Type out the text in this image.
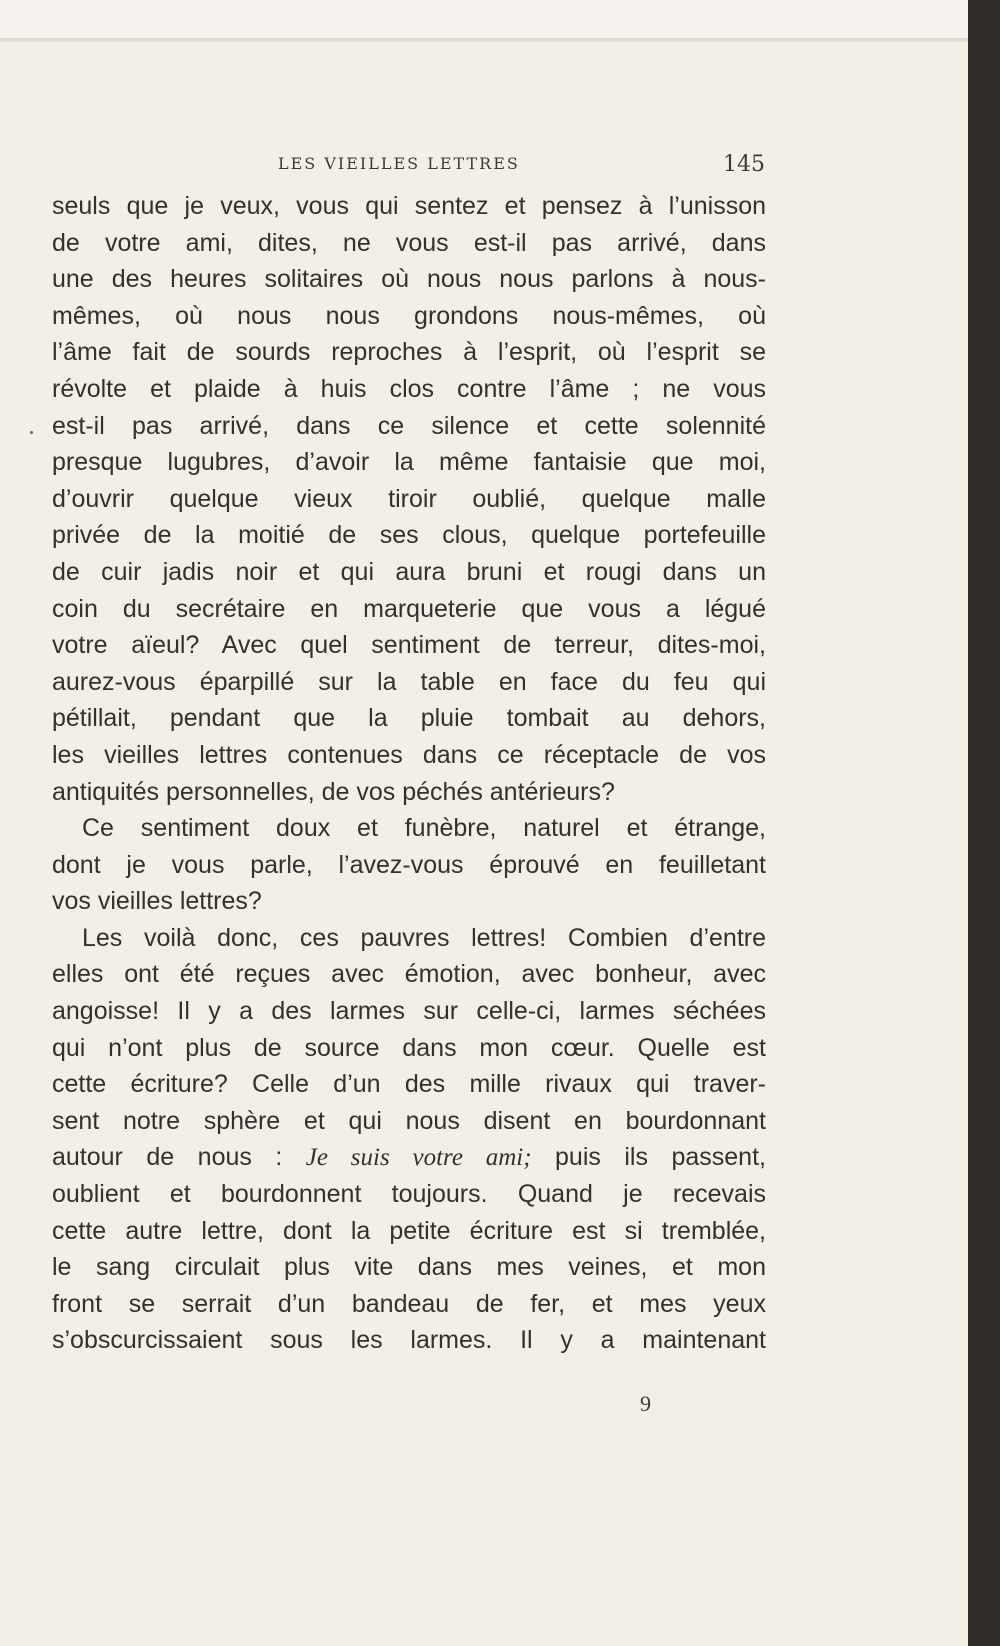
LES VIEILLES LETTRES	145
seuls que je veux, vous qui sentez et pensez à l’unisson
de votre ami, dites, ne vous est-il pas arrivé, dans
une des heures solitaires où nous nous parlons à nous-
mêmes, où nous nous grondons nous-mêmes, où
l’âme fait de sourds reproches à l’esprit, où l’esprit se
révolte et plaide à huis clos contre l’âme ; ne vous
est-il pas arrivé, dans ce silence et cette solennité
presque lugubres, d’avoir la même fantaisie que moi,
d’ouvrir quelque vieux tiroir oublié, quelque malle
privée de la moitié de ses clous, quelque portefeuille
de cuir jadis noir et qui aura bruni et rougi dans un
coin du secrétaire en marqueterie que vous a légué
votre aïeul? Avec quel sentiment de terreur, dites-moi,
aurez-vous éparpillé sur la table en face du feu qui
pétillait, pendant que la pluie tombait au dehors,
les vieilles lettres contenues dans ce réceptacle de vos
antiquités personnelles, de vos péchés antérieurs?
Ce sentiment doux et funèbre, naturel et étrange,
dont je vous parle, l’avez-vous éprouvé en feuilletant
vos vieilles lettres?
Les voilà donc, ces pauvres lettres! Combien d’entre
elles ont été reçues avec émotion, avec bonheur, avec
angoisse! Il y a des larmes sur celle-ci, larmes séchées
qui n’ont plus de source dans mon cœur. Quelle est
cette écriture? Celle d’un des mille rivaux qui traver-
sent notre sphère et qui nous disent en bourdonnant
autour de nous : Je suis votre ami; puis ils passent,
oublient et bourdonnent toujours. Quand je recevais
cette autre lettre, dont la petite écriture est si tremblée,
le sang circulait plus vite dans mes veines, et mon
front se serrait d’un bandeau de fer, et mes yeux
s’obscurcissaient sous les larmes. Il y a maintenant
9
